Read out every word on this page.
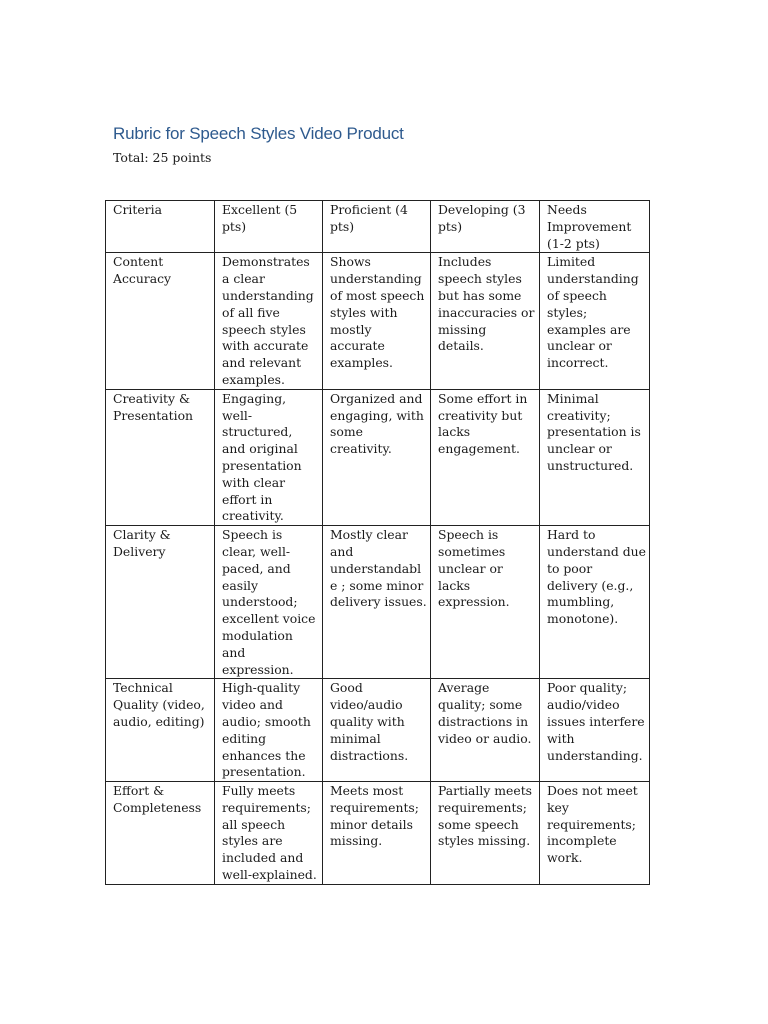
Rubric for Speech Styles Video Product

Total: 25 points

Criteria	Excellent (5 pts)	Proficient (4 pts)	Developing (3 pts)	Needs Improvement (1-2 pts)
Content Accuracy	Demonstrates a clear understanding of all five speech styles with accurate and relevant examples.	Shows understanding of most speech styles with mostly accurate examples.	Includes speech styles but has some inaccuracies or missing details.	Limited understanding of speech styles; examples are unclear or incorrect.
Creativity & Presentation	Engaging, well-structured, and original presentation with clear effort in creativity.	Organized and engaging, with some creativity.	Some effort in creativity but lacks engagement.	Minimal creativity; presentation is unclear or unstructured.
Clarity & Delivery	Speech is clear, well-paced, and easily understood; excellent voice modulation and expression.	Mostly clear and understandable ; some minor delivery issues.	Speech is sometimes unclear or lacks expression.	Hard to understand due to poor delivery (e.g., mumbling, monotone).
Technical Quality (video, audio, editing)	High-quality video and audio; smooth editing enhances the presentation.	Good video/audio quality with minimal distractions.	Average quality; some distractions in video or audio.	Poor quality; audio/video issues interfere with understanding.
Effort & Completeness	Fully meets requirements; all speech styles are included and well-explained.	Meets most requirements; minor details missing.	Partially meets requirements; some speech styles missing.	Does not meet key requirements; incomplete work.
